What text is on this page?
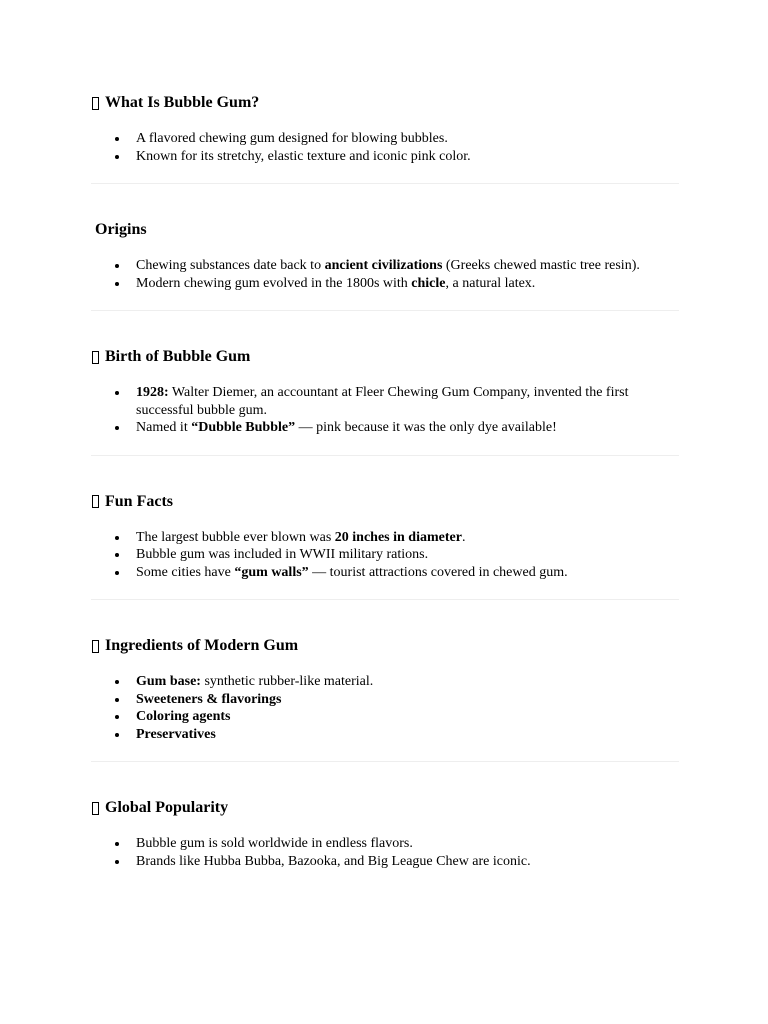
What Is Bubble Gum?
A flavored chewing gum designed for blowing bubbles.
Known for its stretchy, elastic texture and iconic pink color.
Origins
Chewing substances date back to ancient civilizations (Greeks chewed mastic tree resin).
Modern chewing gum evolved in the 1800s with chicle, a natural latex.
Birth of Bubble Gum
1928: Walter Diemer, an accountant at Fleer Chewing Gum Company, invented the first successful bubble gum.
Named it “Dubble Bubble” — pink because it was the only dye available!
Fun Facts
The largest bubble ever blown was 20 inches in diameter.
Bubble gum was included in WWII military rations.
Some cities have “gum walls” — tourist attractions covered in chewed gum.
Ingredients of Modern Gum
Gum base: synthetic rubber-like material.
Sweeteners & flavorings
Coloring agents
Preservatives
Global Popularity
Bubble gum is sold worldwide in endless flavors.
Brands like Hubba Bubba, Bazooka, and Big League Chew are iconic.
